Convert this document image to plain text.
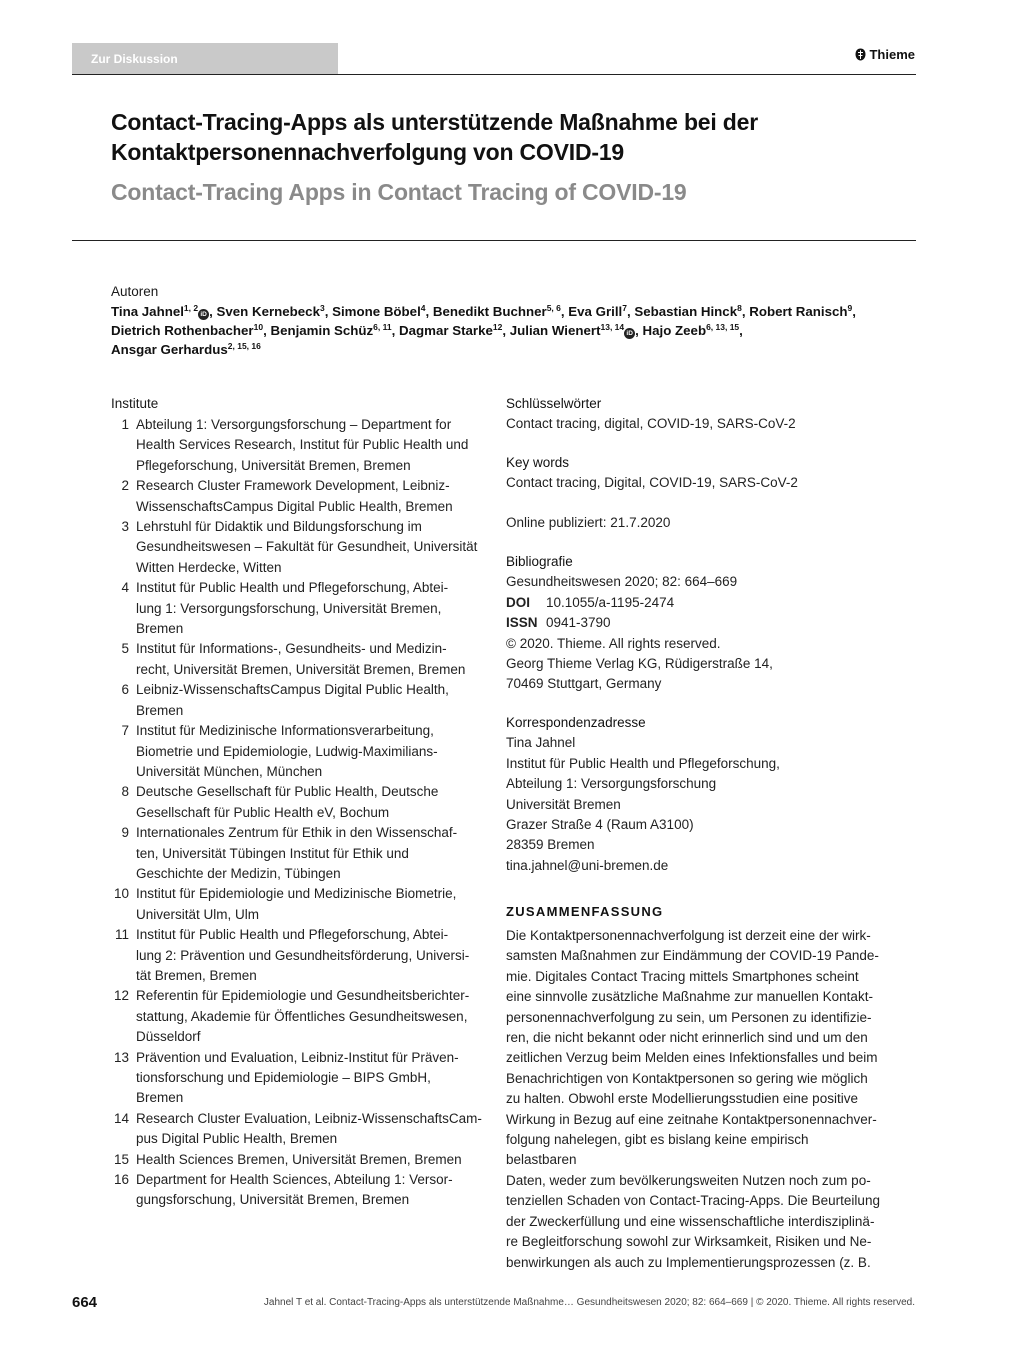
Zur Diskussion	Thieme
Contact-Tracing-Apps als unterstützende Maßnahme bei der Kontaktpersonennachverfolgung von COVID-19
Contact-Tracing Apps in Contact Tracing of COVID-19
Autoren
Tina Jahnel$^{1, 2}$iD , Sven Kernebeck$^3$, Simone Böbel$^4$, Benedikt Buchner$^{5, 6}$, Eva Grill$^7$, Sebastian Hinck$^8$, Robert Ranisch$^9$,
Dietrich Rothenbacher$^{10}$, Benjamin Schüz$^{6, 11}$, Dagmar Starke$^{12}$, Julian Wienert$^{13, 14}$iD , Hajo Zeeb$^{6, 13, 15}$,
Ansgar Gerhardus$^{2, 15, 16}$
Institute
1 Abteilung 1: Versorgungsforschung – Department for
Health Services Research, Institut für Public Health und
Pflegeforschung, Universität Bremen, Bremen
2 Research Cluster Framework Development, Leibniz-
WissenschaftsCampus Digital Public Health, Bremen
3 Lehrstuhl für Didaktik und Bildungsforschung im
Gesundheitswesen – Fakultät für Gesundheit, Universität
Witten Herdecke, Witten
4 Institut für Public Health und Pflegeforschung, Abtei-
lung 1: Versorgungsforschung, Universität Bremen,
Bremen
5 Institut für Informations-, Gesundheits- und Medizin-
recht, Universität Bremen, Universität Bremen, Bremen
6 Leibniz-WissenschaftsCampus Digital Public Health,
Bremen
7 Institut für Medizinische Informationsverarbeitung,
Biometrie und Epidemiologie, Ludwig-Maximilians-
Universität München, München
8 Deutsche Gesellschaft für Public Health, Deutsche
Gesellschaft für Public Health eV, Bochum
9 Internationales Zentrum für Ethik in den Wissenschaf-
ten, Universität Tübingen Institut für Ethik und
Geschichte der Medizin, Tübingen
10 Institut für Epidemiologie und Medizinische Biometrie,
Universität Ulm, Ulm
11 Institut für Public Health und Pflegeforschung, Abtei-
lung 2: Prävention und Gesundheitsförderung, Universi-
tät Bremen, Bremen
12 Referentin für Epidemiologie und Gesundheitsberichter-
stattung, Akademie für Öffentliches Gesundheitswesen,
Düsseldorf
13 Prävention und Evaluation, Leibniz-Institut für Präven-
tionsforschung und Epidemiologie – BIPS GmbH,
Bremen
14 Research Cluster Evaluation, Leibniz-WissenschaftsCam-
pus Digital Public Health, Bremen
15 Health Sciences Bremen, Universität Bremen, Bremen
16 Department for Health Sciences, Abteilung 1: Versor-
gungsforschung, Universität Bremen, Bremen
Schlüsselwörter
Contact tracing, digital, COVID-19, SARS-CoV-2
Key words
Contact tracing, Digital, COVID-19, SARS-CoV-2
Online publiziert: 21.7.2020
Bibliografie
Gesundheitswesen 2020; 82: 664–669
DOI 10.1055/a-1195-2474
ISSN 0941-3790
© 2020. Thieme. All rights reserved.
Georg Thieme Verlag KG, Rüdigerstraße 14,
70469 Stuttgart, Germany
Korrespondenzadresse
Tina Jahnel
Institut für Public Health und Pflegeforschung,
Abteilung 1: Versorgungsforschung
Universität Bremen
Grazer Straße 4 (Raum A3100)
28359 Bremen
tina.jahnel@uni-bremen.de
ZUSAMMENFASSUNG
Die Kontaktpersonennachverfolgung ist derzeit eine der wirk-
samsten Maßnahmen zur Eindämmung der COVID-19 Pande-
mie. Digitales Contact Tracing mittels Smartphones scheint
eine sinnvolle zusätzliche Maßnahme zur manuellen Kontakt-
personennachverfolgung zu sein, um Personen zu identifizie-
ren, die nicht bekannt oder nicht erinnerlich sind und um den
zeitlichen Verzug beim Melden eines Infektionsfalles und beim
Benachrichtigen von Kontaktpersonen so gering wie möglich
zu halten. Obwohl erste Modellierungsstudien eine positive
Wirkung in Bezug auf eine zeitnahe Kontaktpersonennachver-
folgung nahelegen, gibt es bislang keine empirisch belastbaren
Daten, weder zum bevölkerungsweiten Nutzen noch zum po-
tenziellen Schaden von Contact-Tracing-Apps. Die Beurteilung
der Zweckerfüllung und eine wissenschaftliche interdisziplinä-
re Begleitforschung sowohl zur Wirksamkeit, Risiken und Ne-
benwirkungen als auch zu Implementierungsprozessen (z. B.
664	Jahnel T et al. Contact-Tracing-Apps als unterstützende Maßnahme… Gesundheitswesen 2020; 82: 664–669 | © 2020. Thieme. All rights reserved.
